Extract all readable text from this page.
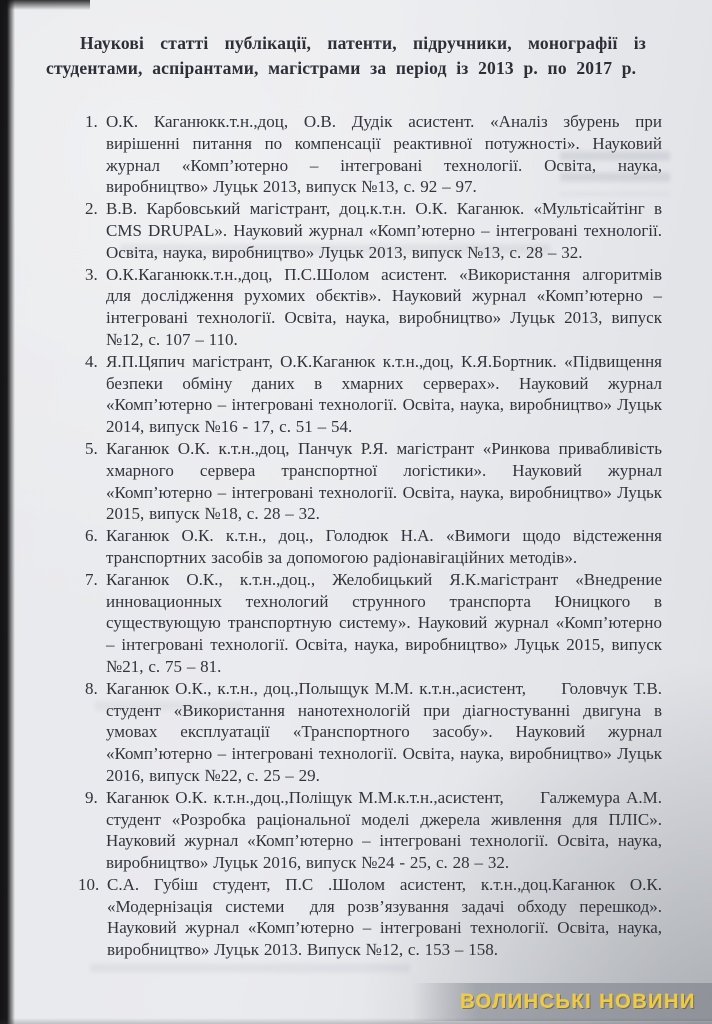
Наукові статті публікації, патенти, підручники, монографії із студентами, аспірантами, магістрами за період із 2013 р. по 2017 р.
1. О.К. Каганюкк.т.н.,доц, О.В. Дудік асистент. «Аналіз збурень при вирішенні питання по компенсації реактивної потужності». Науковий журнал «Комп’ютерно – інтегровані технології. Освіта, наука, виробництво» Луцьк 2013, випуск №13, с. 92 – 97.
2. В.В. Карбовський магістрант, доц.к.т.н. О.К. Каганюк. «Мультісайтінг в CMS DRUPAL». Науковий журнал «Комп’ютерно – інтегровані технології. Освіта, наука, виробництво» Луцьк 2013, випуск №13, с. 28 – 32.
3. О.К.Каганюкк.т.н.,доц, П.С.Шолом асистент. «Використання алгоритмів для дослідження рухомих обєктів». Науковий журнал «Комп’ютерно – інтегровані технології. Освіта, наука, виробництво» Луцьк 2013, випуск №12, с. 107 – 110.
4. Я.П.Цяпич магістрант, О.К.Каганюк к.т.н.,доц, К.Я.Бортник. «Підвищення безпеки обміну даних в хмарних серверах». Науковий журнал «Комп’ютерно – інтегровані технології. Освіта, наука, виробництво» Луцьк 2014, випуск №16 - 17, с. 51 – 54.
5. Каганюк О.К. к.т.н.,доц, Панчук Р.Я. магістрант «Ринкова привабливість хмарного сервера транспортної логістики». Науковий журнал «Комп’ютерно – інтегровані технології. Освіта, наука, виробництво» Луцьк 2015, випуск №18, с. 28 – 32.
6. Каганюк О.К. к.т.н., доц., Голодюк Н.А. «Вимоги щодо відстеження транспортних засобів за допомогою радіонавігаційних методів».
7. Каганюк О.К., к.т.н.,доц., Желобицький Я.К.магістрант «Внедрение инновационных технологий струнного транспорта Юницкого в существующую транспортную систему». Науковий журнал «Комп’ютерно – інтегровані технології. Освіта, наука, виробництво» Луцьк 2015, випуск №21, с. 75 – 81.
8. Каганюк О.К., к.т.н., доц.,Полыщук М.М. к.т.н.,асистент,      Головчук Т.В. студент «Використання нанотехнологій при діагностуванні двигуна в умовах експлуатації «Транспортного засобу». Науковий журнал «Комп’ютерно – інтегровані технології. Освіта, наука, виробництво» Луцьк 2016, випуск №22, с. 25 – 29.
9. Каганюк О.К. к.т.н.,доц.,Поліщук М.М.к.т.н.,асистент,      Галжемура А.М. студент «Розробка раціональної моделі джерела живлення для ПЛІС». Науковий журнал «Комп’ютерно – інтегровані технології. Освіта, наука, виробництво» Луцьк 2016, випуск №24 - 25, с. 28 – 32.
10. С.А. Губіш студент, П.С .Шолом асистент, к.т.н.,доц.Каганюк О.К. «Модернізація системи  для розв’язування задачі обходу перешкод». Науковий журнал «Комп’ютерно – інтегровані технології. Освіта, наука, виробництво» Луцьк 2013. Випуск №12, с. 153 – 158.
ВОЛИНСЬКІ НОВИНИ
